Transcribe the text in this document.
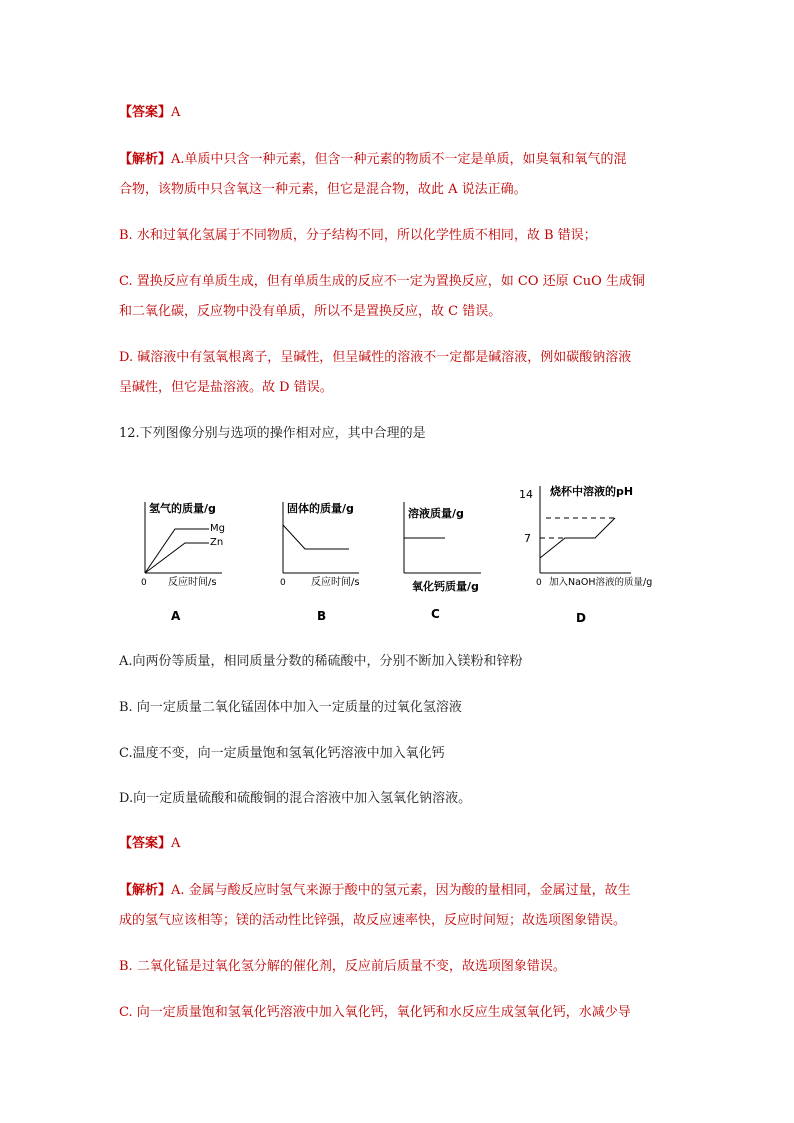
【答案】A
【解析】A.单质中只含一种元素，但含一种元素的物质不一定是单质，如臭氧和氧气的混
合物，该物质中只含氧这一种元素，但它是混合物，故此 A 说法正确。
B. 水和过氧化氢属于不同物质，分子结构不同，所以化学性质不相同，故 B 错误；
C. 置换反应有单质生成，但有单质生成的反应不一定为置换反应，如 CO 还原 CuO 生成铜
和二氧化碳，反应物中没有单质，所以不是置换反应，故 C 错误。
D. 碱溶液中有氢氧根离子，呈碱性，但呈碱性的溶液不一定都是碱溶液，例如碳酸钠溶液
呈碱性，但它是盐溶液。故 D 错误。
12.下列图像分别与选项的操作相对应，其中合理的是
氢气的质量/g
Mg
Zn
0 反应时间/s
A
固体的质量/g
0	反应时间/s
B
溶液质量/g
氧化钙质量/g
C
烧杯中溶液的pH
14
7
0 加入NaOH溶液的质量/g
D
A.向两份等质量，相同质量分数的稀硫酸中，分别不断加入镁粉和锌粉
B. 向一定质量二氧化锰固体中加入一定质量的过氧化氢溶液
C.温度不变，向一定质量饱和氢氧化钙溶液中加入氧化钙
D.向一定质量硫酸和硫酸铜的混合溶液中加入氢氧化钠溶液。
【答案】A
【解析】A. 金属与酸反应时氢气来源于酸中的氢元素，因为酸的量相同，金属过量，故生
成的氢气应该相等；镁的活动性比锌强，故反应速率快，反应时间短；故选项图象错误。
B. 二氧化锰是过氧化氢分解的催化剂，反应前后质量不变，故选项图象错误。
C. 向一定质量饱和氢氧化钙溶液中加入氧化钙，氧化钙和水反应生成氢氧化钙，水减少导
